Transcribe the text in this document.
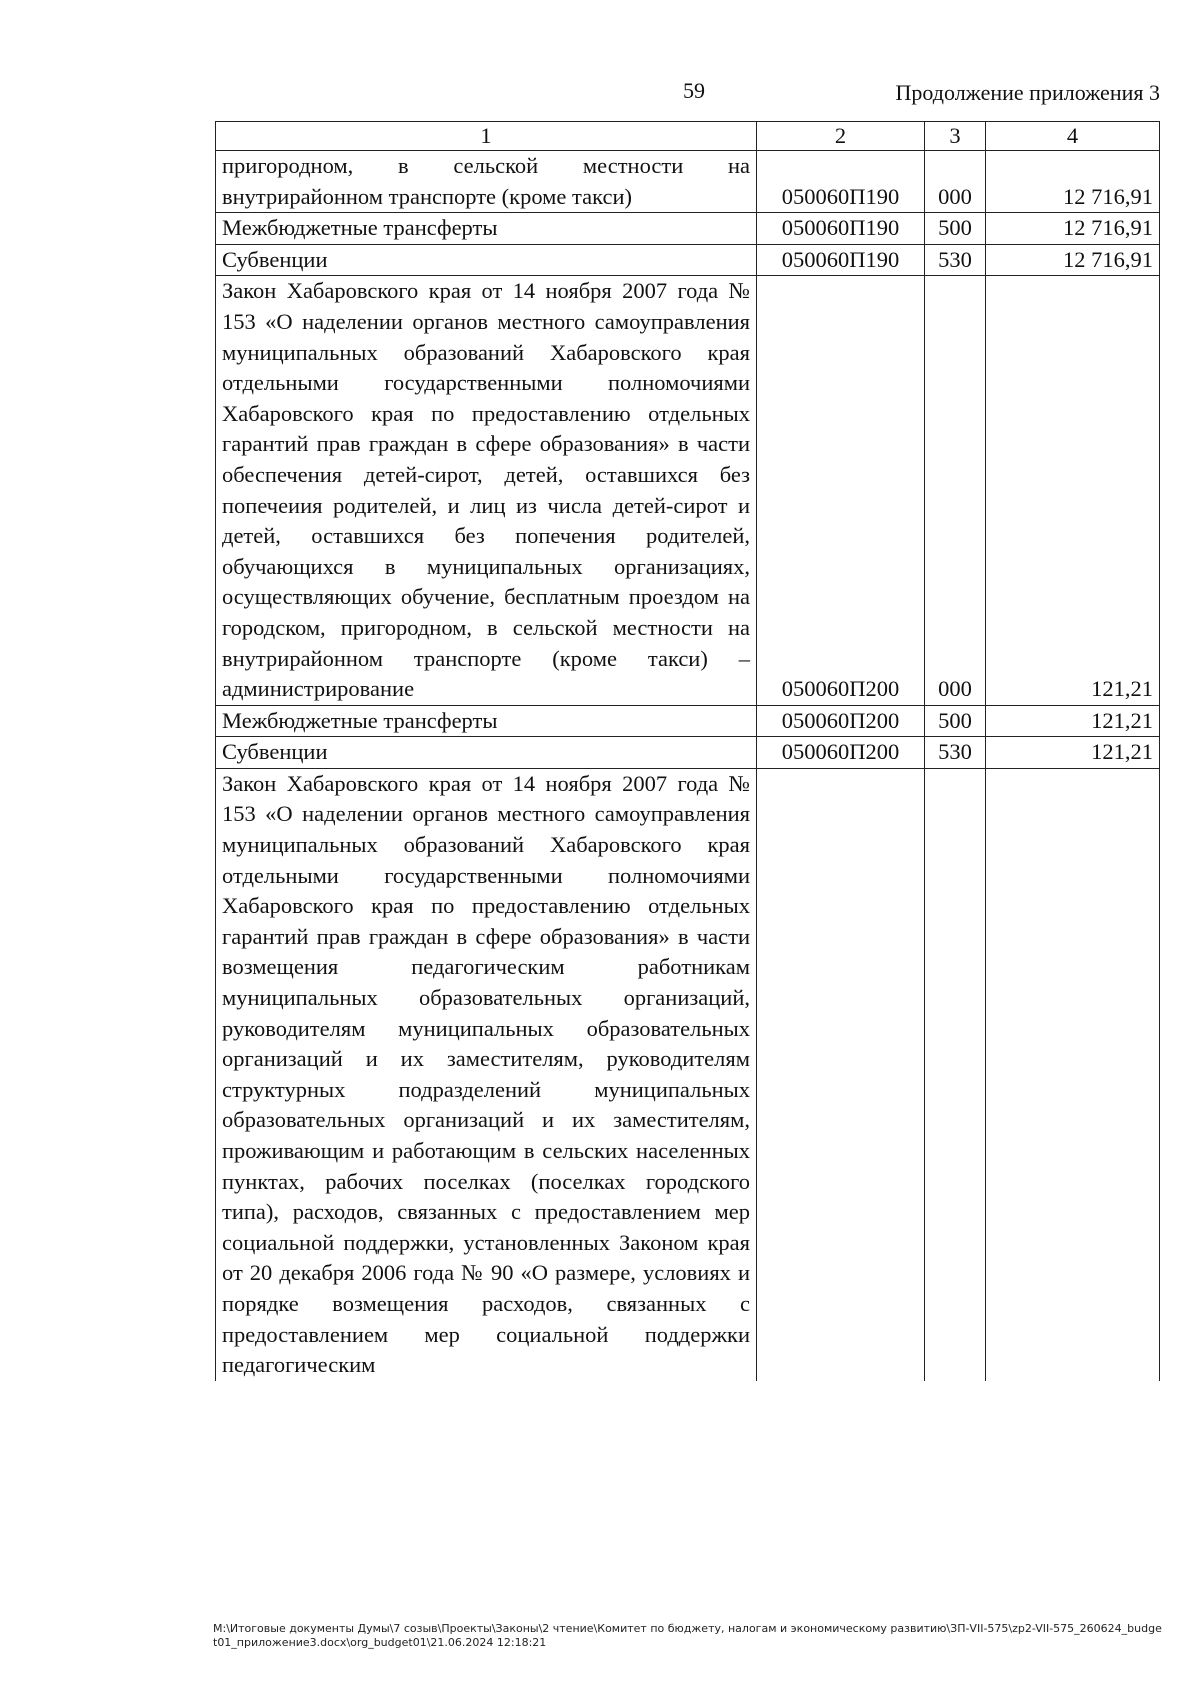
59	Продолжение приложения 3
1	2	3	4
пригородном, в сельской местности на внутрирайонном транспорте (кроме такси)	050060П190	000	12 716,91
Межбюджетные трансферты	050060П190	500	12 716,91
Субвенции	050060П190	530	12 716,91
Закон Хабаровского края от 14 ноября 2007 года № 153 «О наделении органов местного самоуправления муниципальных образований Хабаровского края отдельными государственными полномочиями Хабаровского края по предоставлению отдельных гарантий прав граждан в сфере образования» в части обеспечения детей-сирот, детей, оставшихся без попечеиия родителей, и лиц из числа детей-сирот и детей, оставшихся без попечения родителей, обучающихся в муниципальных организациях, осуществляющих обучение, бесплатным проездом на городском, пригородном, в сельской местности на внутрирайонном транспорте (кроме такси) – администрирование	050060П200	000	121,21
Межбюджетные трансферты	050060П200	500	121,21
Субвенции	050060П200	530	121,21
Закон Хабаровского края от 14 ноября 2007 года № 153 «О наделении органов местного самоуправления муниципальных образований Хабаровского края отдельными государственными полномочиями Хабаровского края по предоставлению отдельных гарантий прав граждан в сфере образования» в части возмещения педагогическим работникам муниципальных образовательных организаций, руководителям муниципальных образовательных организаций и их заместителям, руководителям структурных подразделений муниципальных образовательных организаций и их заместителям, проживающим и работающим в сельских населенных пунктах, рабочих поселках (поселках городского типа), расходов, связанных с предоставлением мер социальной поддержки, установленных Законом края от 20 декабря 2006 года № 90 «О размере, условиях и порядке возмещения расходов, связанных с предоставлением мер социальной поддержки педагогическим			
M:\Итоговые документы Думы\7 созыв\Проекты\Законы\2 чтение\Комитет по бюджету, налогам и экономическому развитию\ЗП-VII-575\zp2-VII-575_260624_budget01_приложение3.docx\org_budget01\21.06.2024 12:18:21
